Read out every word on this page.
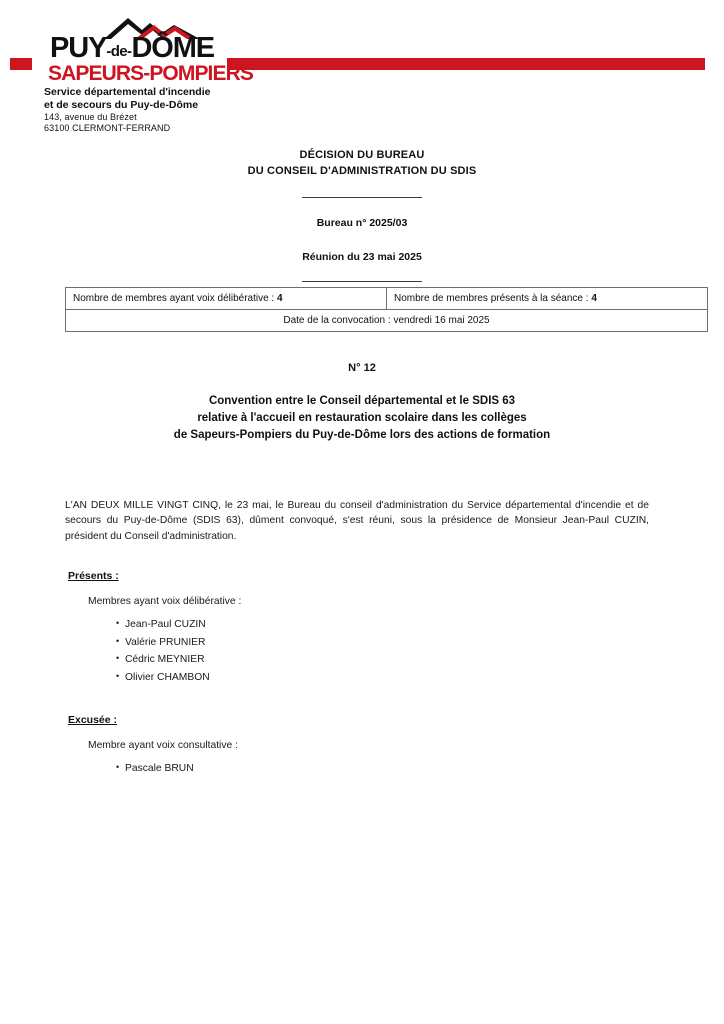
PUY-de-DÔME
SAPEURS-POMPIERS
Service départemental d'incendie
et de secours du Puy-de-Dôme
143, avenue du Brézet
63100 CLERMONT-FERRAND
DÉCISION DU BUREAU
DU CONSEIL D'ADMINISTRATION DU SDIS
Bureau n° 2025/03
Réunion du 23 mai 2025
Nombre de membres ayant voix délibérative : 4	Nombre de membres présents à la séance : 4
Date de la convocation : vendredi 16 mai 2025
N° 12
Convention entre le Conseil départemental et le SDIS 63
relative à l'accueil en restauration scolaire dans les collèges
de Sapeurs-Pompiers du Puy-de-Dôme lors des actions de formation
L'AN DEUX MILLE VINGT CINQ, le 23 mai, le Bureau du conseil d'administration du Service départemental d'incendie et de secours du Puy-de-Dôme (SDIS 63), dûment convoqué, s'est réuni, sous la présidence de Monsieur Jean-Paul CUZIN, président du Conseil d'administration.
Présents :
Membres ayant voix délibérative :
• Jean-Paul CUZIN
• Valérie PRUNIER
• Cédric MEYNIER
• Olivier CHAMBON
Excusée :
Membre ayant voix consultative :
• Pascale BRUN
